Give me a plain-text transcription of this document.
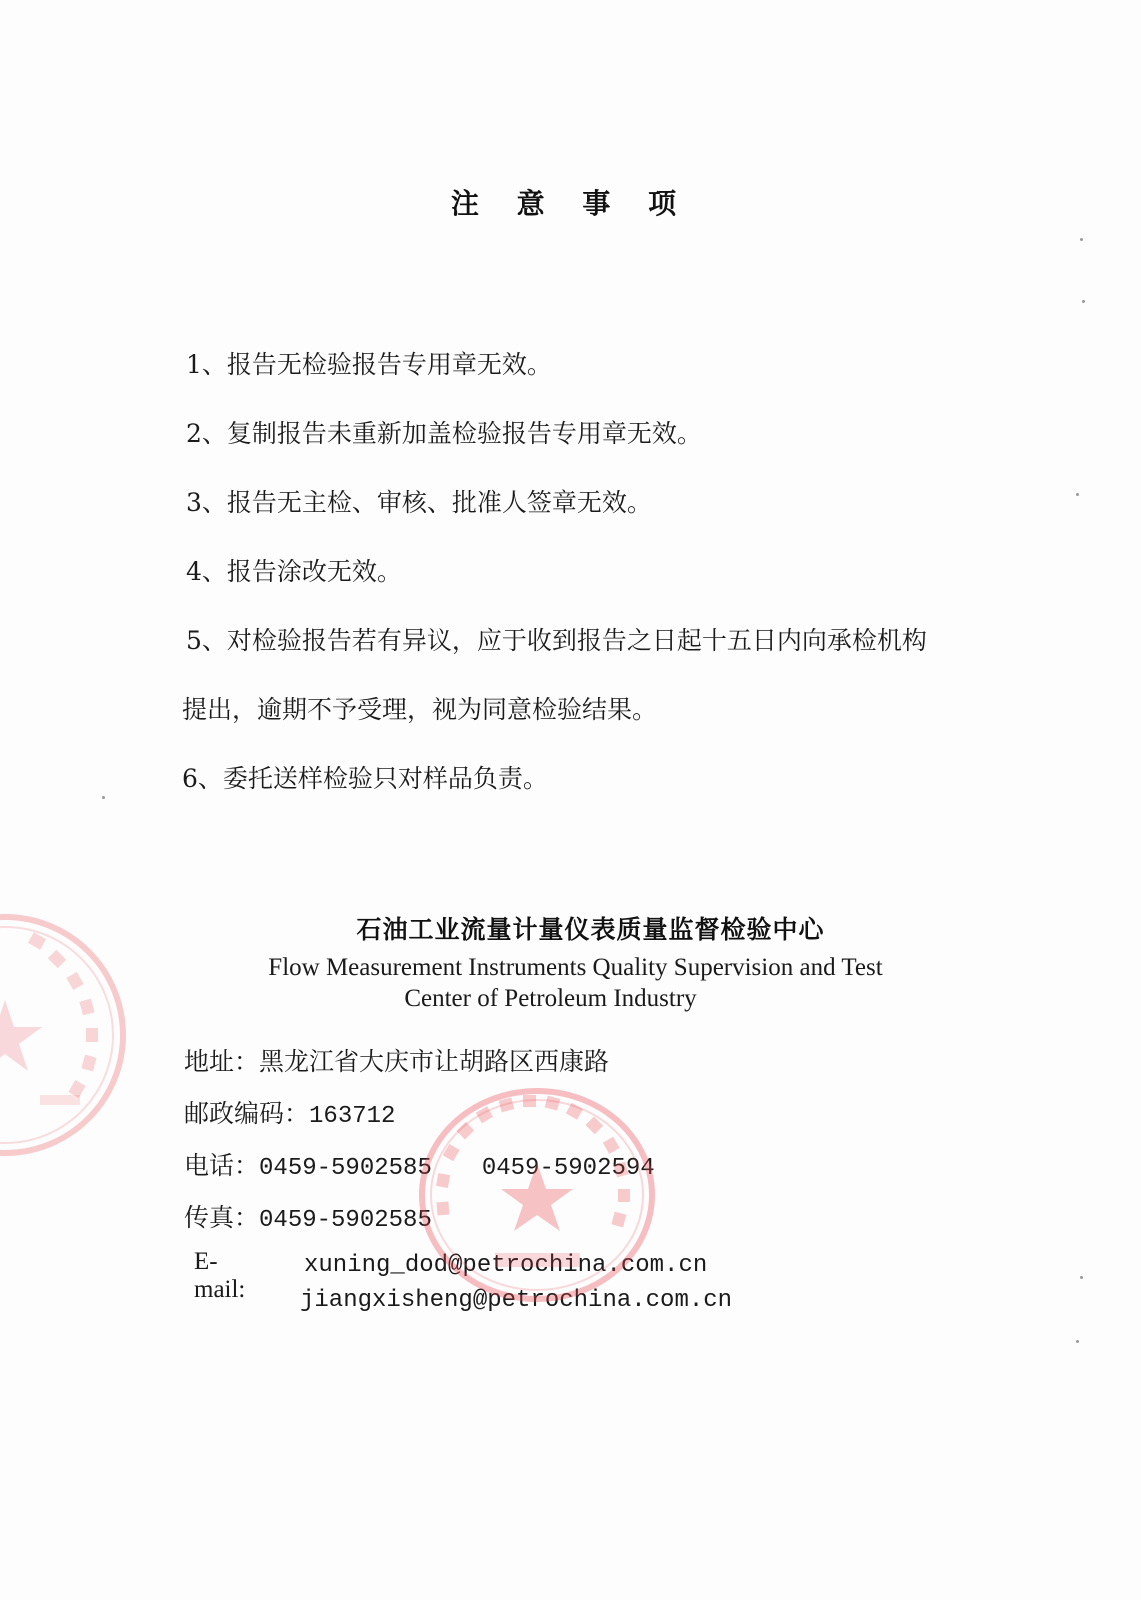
注 意 事 项
1、报告无检验报告专用章无效。
2、复制报告未重新加盖检验报告专用章无效。
3、报告无主检、审核、批准人签章无效。
4、报告涂改无效。
5、对检验报告若有异议，应于收到报告之日起十五日内向承检机构
提出，逾期不予受理，视为同意检验结果。
6、委托送样检验只对样品负责。
石油工业流量计量仪表质量监督检验中心
Flow Measurement Instruments Quality Supervision and Test
Center of Petroleum Industry
地址：黑龙江省大庆市让胡路区西康路
邮政编码：163712
电话：0459-5902585 0459-5902594
传真：0459-5902585
E-mail:
xuning_dod@petrochina.com.cn
jiangxisheng@petrochina.com.cn
